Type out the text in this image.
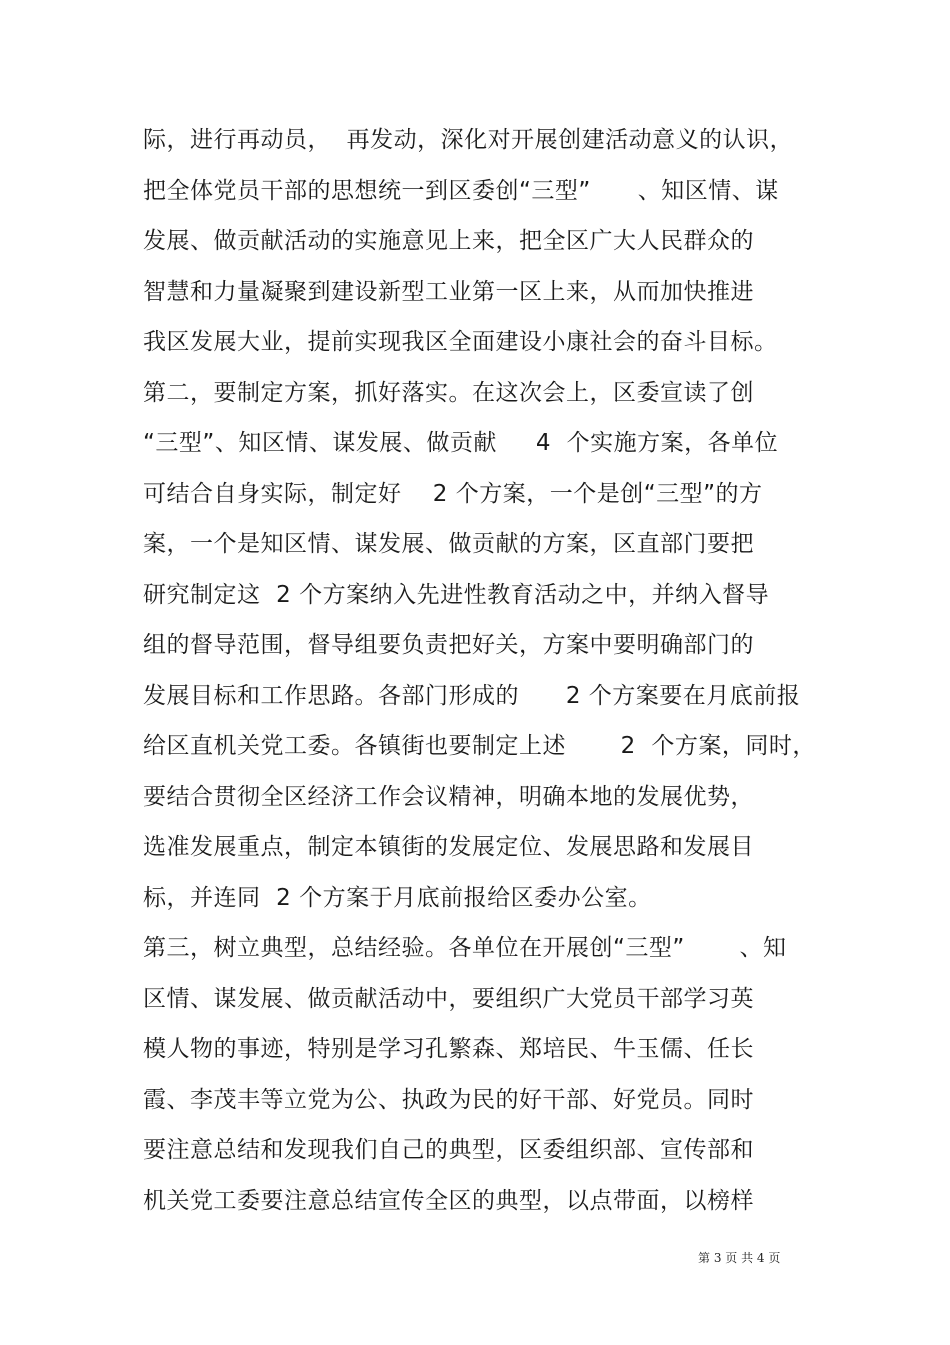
际，进行再动员，  再发动，深化对开展创建活动意义的认识，
把全体党员干部的思想统一到区委创“三型”      、知区情、谋
发展、做贡献活动的实施意见上来，把全区广大人民群众的
智慧和力量凝聚到建设新型工业第一区上来，从而加快推进
我区发展大业，提前实现我区全面建设小康社会的奋斗目标。
第二，要制定方案，抓好落实。在这次会上，区委宣读了创
“三型”、知区情、谋发展、做贡献     4  个实施方案，各单位
可结合自身实际，制定好    2 个方案，一个是创“三型”的方
案，一个是知区情、谋发展、做贡献的方案，区直部门要把
研究制定这  2 个方案纳入先进性教育活动之中，并纳入督导
组的督导范围，督导组要负责把好关，方案中要明确部门的
发展目标和工作思路。各部门形成的      2 个方案要在月底前报
给区直机关党工委。各镇街也要制定上述       2  个方案，同时，
要结合贯彻全区经济工作会议精神，明确本地的发展优势，
选准发展重点，制定本镇街的发展定位、发展思路和发展目
标，并连同  2 个方案于月底前报给区委办公室。
第三，树立典型，总结经验。各单位在开展创“三型”       、知
区情、谋发展、做贡献活动中，要组织广大党员干部学习英
模人物的事迹，特别是学习孔繁森、郑培民、牛玉儒、任长
霞、李茂丰等立党为公、执政为民的好干部、好党员。同时
要注意总结和发现我们自己的典型，区委组织部、宣传部和
机关党工委要注意总结宣传全区的典型，以点带面，以榜样
第 3 页 共 4 页
